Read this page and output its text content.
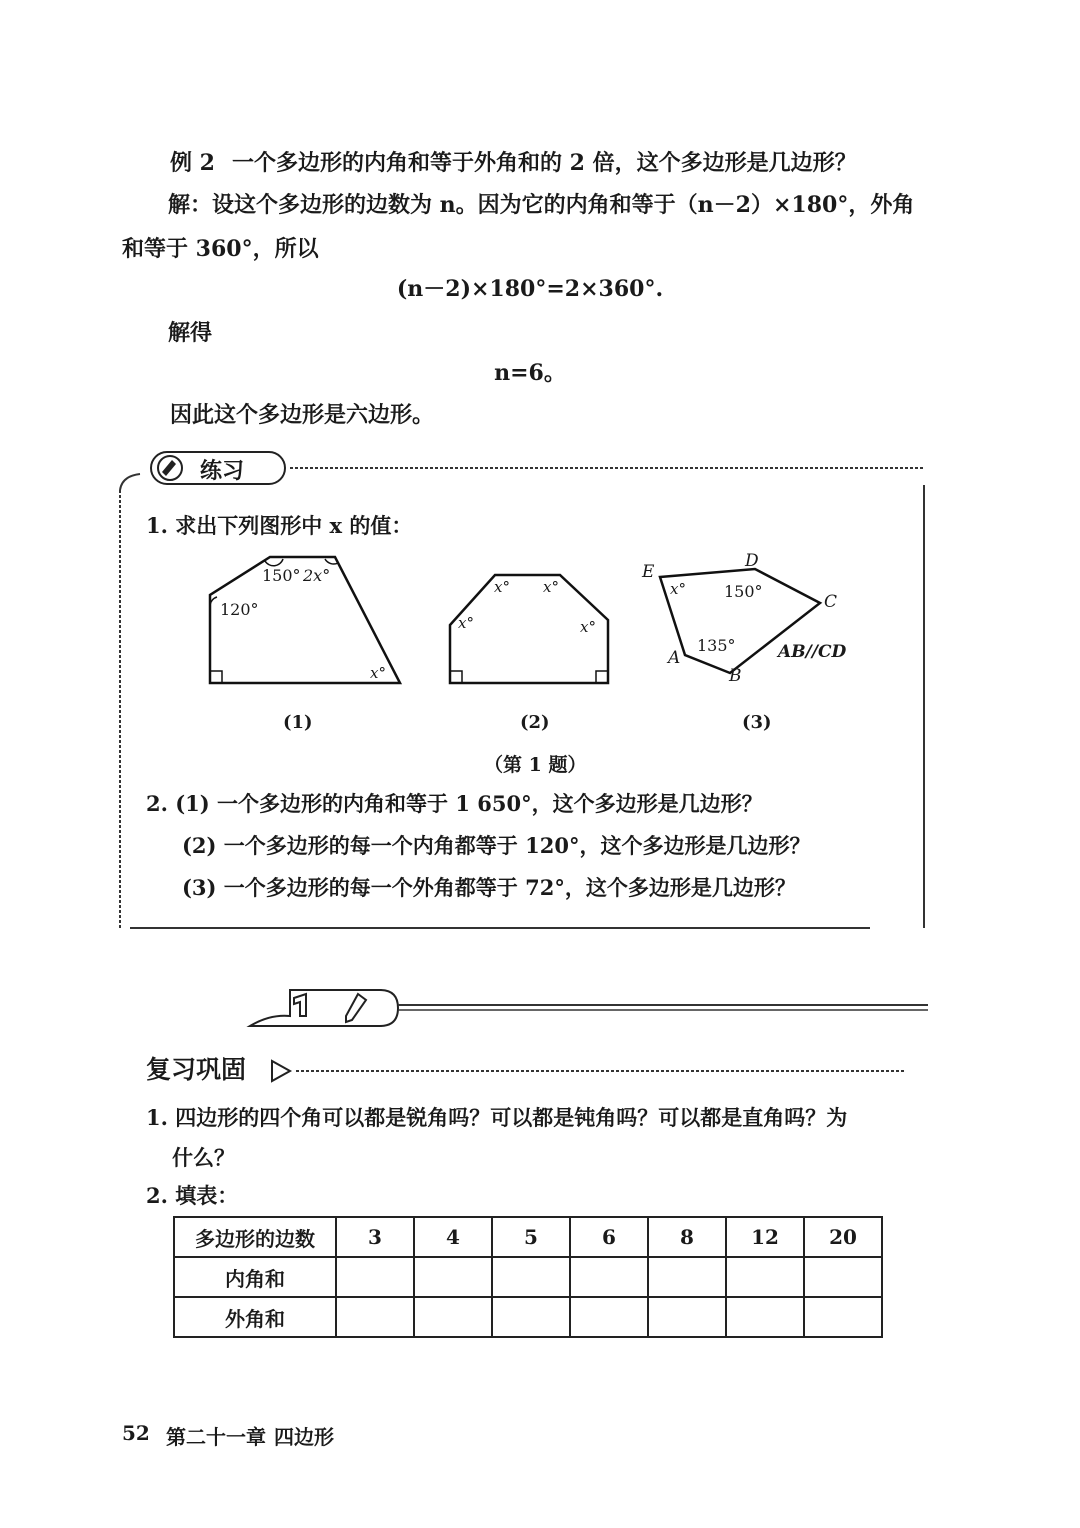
例 2 一个多边形的内角和等于外角和的 2 倍，这个多边形是几边形？
解：设这个多边形的边数为 n。因为它的内角和等于（n－2）×180°，外角
和等于 360°，所以
(n－2)×180°=2×360°.
解得
n=6。
因此这个多边形是六边形。
练习
1. 求出下列图形中 x 的值：
150° 2x°
120°
x°
(1)
x° x°
x°	x°
(2)
E
D
C
A
B
x° 150°
135° AB//CD
(3)
（第 1 题）
2. (1) 一个多边形的内角和等于 1 650°，这个多边形是几边形？
(2) 一个多边形的每一个内角都等于 120°，这个多边形是几边形？
(3) 一个多边形的每一个外角都等于 72°，这个多边形是几边形？
复习巩固
1. 四边形的四个角可以都是锐角吗？可以都是钝角吗？可以都是直角吗？为
什么？
2. 填表：
多边形的边数	3	4	5	6	8	12	20
内角和							
外角和							
52 第二十一章 四边形
